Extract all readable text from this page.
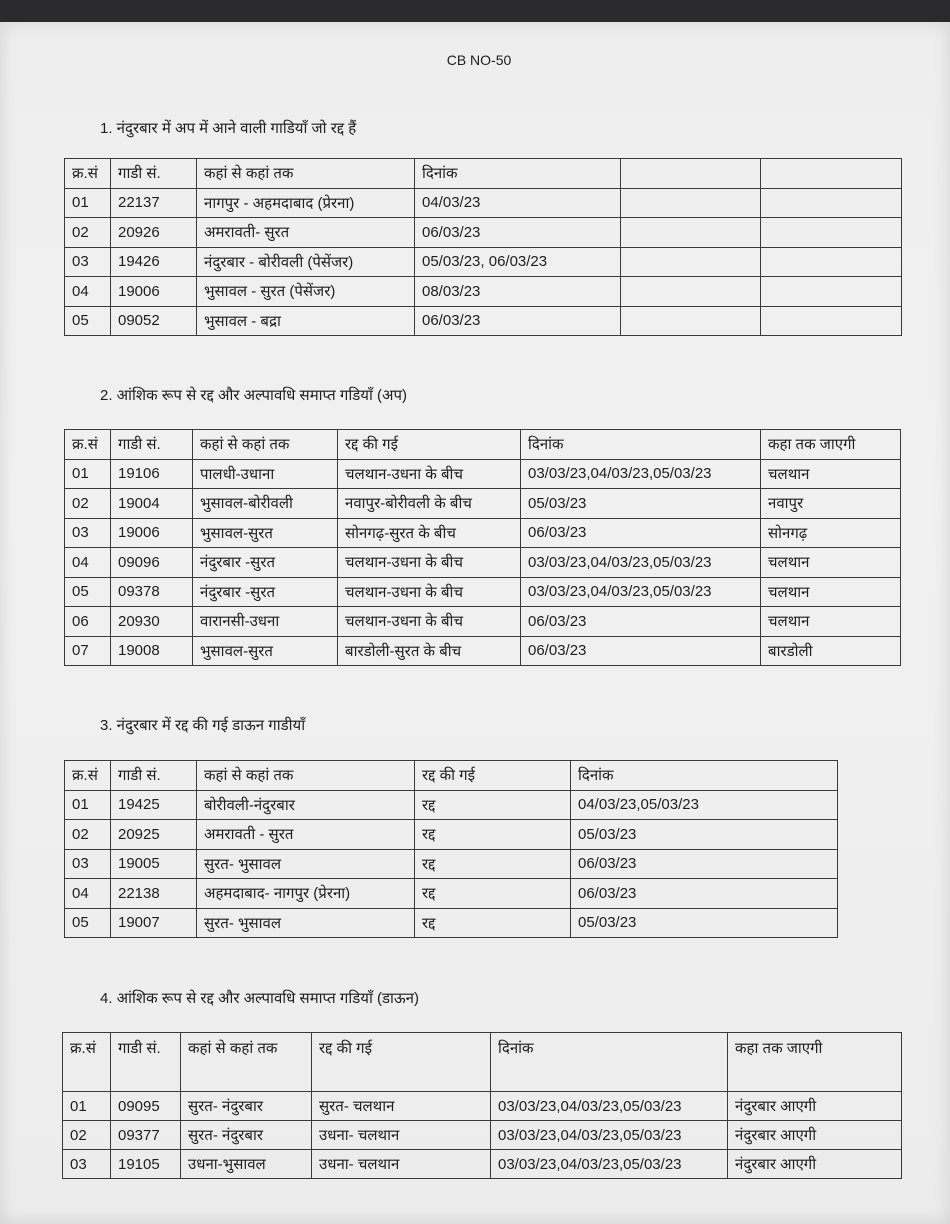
CB NO-50
1. नंदुरबार में अप में आने वाली गाडियाँ जो रद्द हैं
क्र.सं	गाडी सं.	कहां से कहां तक	दिनांक		
01	22137	नागपुर - अहमदाबाद (प्रेरना)	04/03/23		
02	20926	अमरावती- सुरत	06/03/23		
03	19426	नंदुरबार - बोरीवली (पेसेंजर)	05/03/23, 06/03/23		
04	19006	भुसावल - सुरत (पेसेंजर)	08/03/23		
05	09052	भुसावल - बद्रा	06/03/23		
2. आंशिक रूप से रद्द और अल्पावधि समाप्त गडियाँ (अप)
क्र.सं	गाडी सं.	कहां से कहां तक	रद्द की गई	दिनांक	कहा तक जाएगी
01	19106	पालधी-उधाना	चलथान-उधना के बीच	03/03/23,04/03/23,05/03/23	चलथान
02	19004	भुसावल-बोरीवली	नवापुर-बोरीवली के बीच	05/03/23	नवापुर
03	19006	भुसावल-सुरत	सोनगढ़-सुरत के बीच	06/03/23	सोनगढ़
04	09096	नंदुरबार -सुरत	चलथान-उधना के बीच	03/03/23,04/03/23,05/03/23	चलथान
05	09378	नंदुरबार -सुरत	चलथान-उधना के बीच	03/03/23,04/03/23,05/03/23	चलथान
06	20930	वारानसी-उधना	चलथान-उधना के बीच	06/03/23	चलथान
07	19008	भुसावल-सुरत	बारडोली-सुरत के बीच	06/03/23	बारडोली
3. नंदुरबार में रद्द की गई डाऊन गाडीयाँ
क्र.सं	गाडी सं.	कहां से कहां तक	रद्द की गई	दिनांक
01	19425	बोरीवली-नंदुरबार	रद्द	04/03/23,05/03/23
02	20925	अमरावती - सुरत	रद्द	05/03/23
03	19005	सुरत- भुसावल	रद्द	06/03/23
04	22138	अहमदाबाद- नागपुर (प्रेरना)	रद्द	06/03/23
05	19007	सुरत- भुसावल	रद्द	05/03/23
4. आंशिक रूप से रद्द और अल्पावधि समाप्त गडियाँ (डाऊन)
क्र.सं	गाडी सं.	कहां से कहां तक	रद्द की गई	दिनांक	कहा तक जाएगी
01	09095	सुरत- नंदुरबार	सुरत- चलथान	03/03/23,04/03/23,05/03/23	नंदुरबार आएगी
02	09377	सुरत- नंदुरबार	उधना- चलथान	03/03/23,04/03/23,05/03/23	नंदुरबार आएगी
03	19105	उधना-भुसावल	उधना- चलथान	03/03/23,04/03/23,05/03/23	नंदुरबार आएगी
